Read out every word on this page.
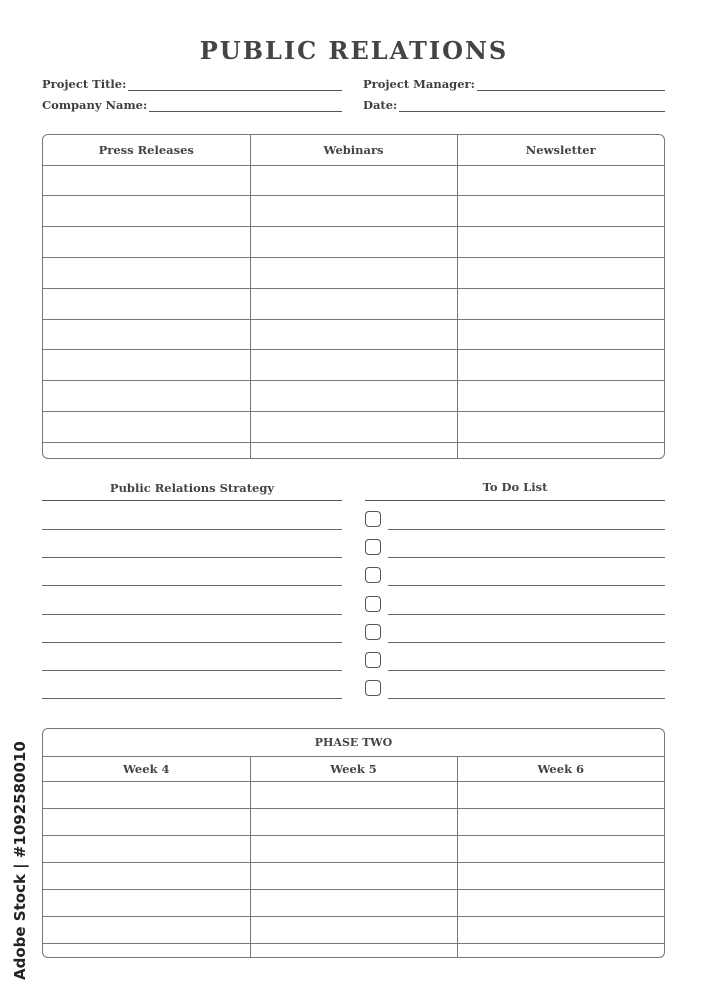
PUBLIC RELATIONS
Project Title:	Project Manager:
Company Name:	Date:
Press Releases	Webinars	Newsletter

Public Relations Strategy	To Do List
PHASE TWO
Week 4	Week 5	Week 6

Adobe Stock | #1092580010
